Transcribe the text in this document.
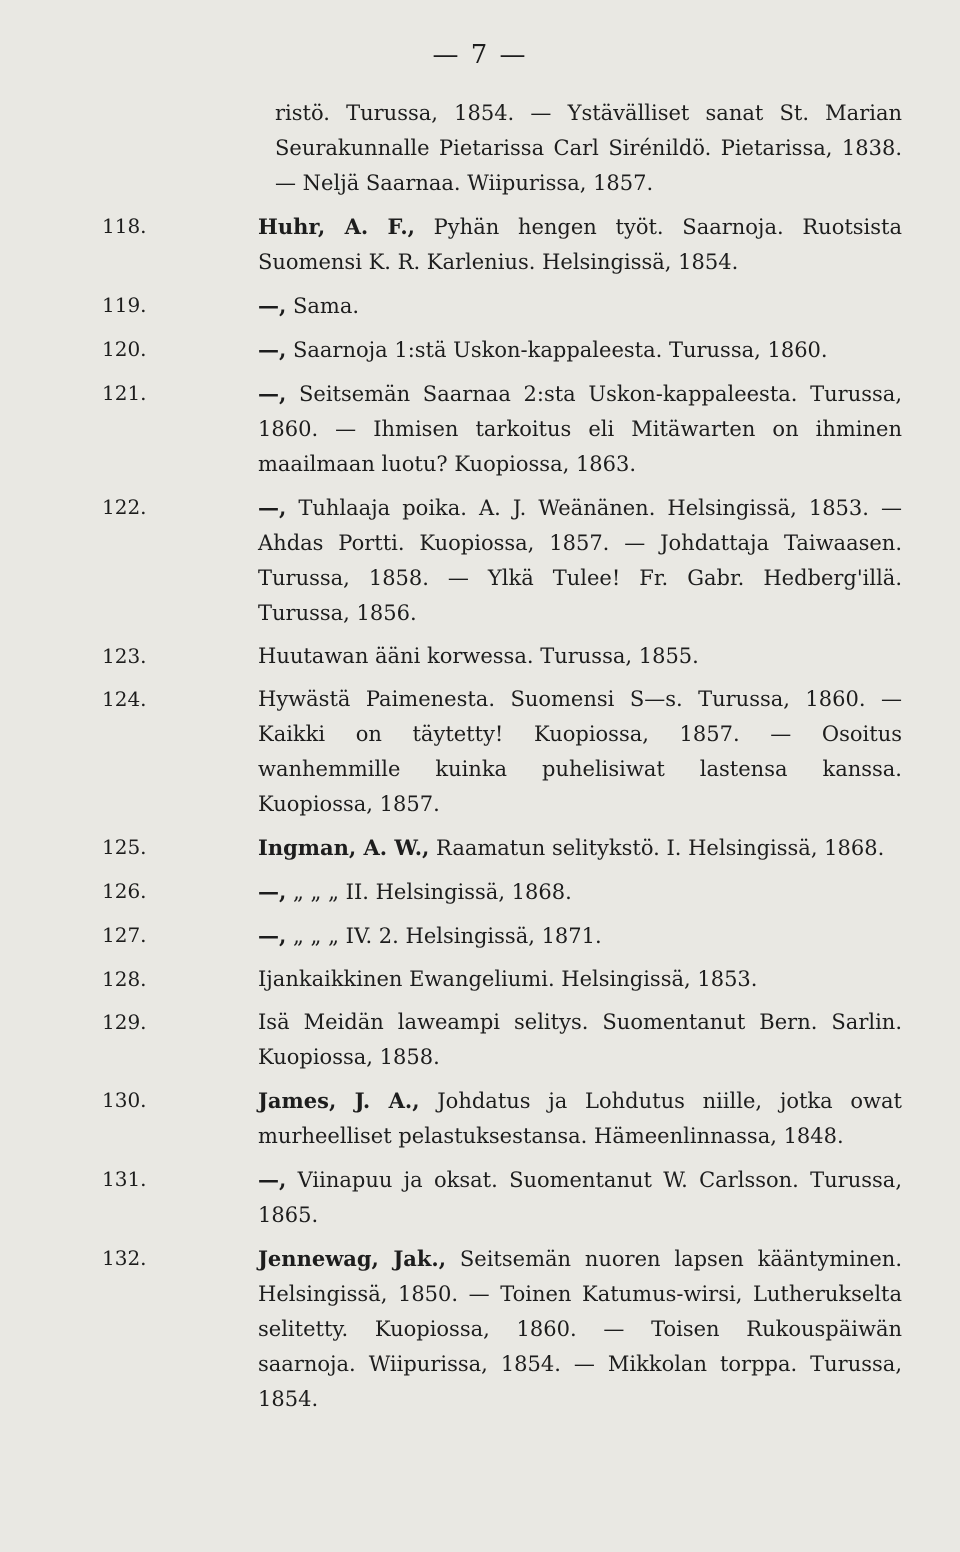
— 7 —
ristö. Turussa, 1854. — Ystävälliset sanat St. Marian Seurakunnalle Pietarissa Carl Sirénildö. Pietarissa, 1838. — Neljä Saarnaa. Wiipurissa, 1857.
118.	Huhr, A. F., Pyhän hengen työt. Saarnoja. Ruotsista Suomensi K. R. Karlenius. Helsingissä, 1854.
119.	—, Sama.
120.	—, Saarnoja 1:stä Uskon-kappaleesta. Turussa, 1860.
121.	—, Seitsemän Saarnaa 2:sta Uskon-kappaleesta. Turussa, 1860. — Ihmisen tarkoitus eli Mitäwarten on ihminen maailmaan luotu? Kuopiossa, 1863.
122.	—, Tuhlaaja poika. A. J. Weänänen. Helsingissä, 1853. — Ahdas Portti. Kuopiossa, 1857. — Johdattaja Taiwaasen. Turussa, 1858. — Ylkä Tulee! Fr. Gabr. Hedberg'illä. Turussa, 1856.
123.	Huutawan ääni korwessa. Turussa, 1855.
124.	Hywästä Paimenesta. Suomensi S—s. Turussa, 1860. — Kaikki on täytetty! Kuopiossa, 1857. — Osoitus wanhemmille kuinka puhelisiwat lastensa kanssa. Kuopiossa, 1857.
125.	Ingman, A. W., Raamatun selitykstö. I. Helsingissä, 1868.
126.	—, „ „ „ II. Helsingissä, 1868.
127.	—, „ „ „ IV. 2. Helsingissä, 1871.
128.	Ijankaikkinen Ewangeliumi. Helsingissä, 1853.
129.	Isä Meidän laweampi selitys. Suomentanut Bern. Sarlin. Kuopiossa, 1858.
130.	James, J. A., Johdatus ja Lohdutus niille, jotka owat murheelliset pelastuksestansa. Hämeenlinnassa, 1848.
131.	—, Viinapuu ja oksat. Suomentanut W. Carlsson. Turussa, 1865.
132.	Jennewag, Jak., Seitsemän nuoren lapsen kääntyminen. Helsingissä, 1850. — Toinen Katumus-wirsi, Lutherukselta selitetty. Kuopiossa, 1860. — Toisen Rukouspäiwän saarnoja. Wiipurissa, 1854. — Mikkolan torppa. Turussa, 1854.
